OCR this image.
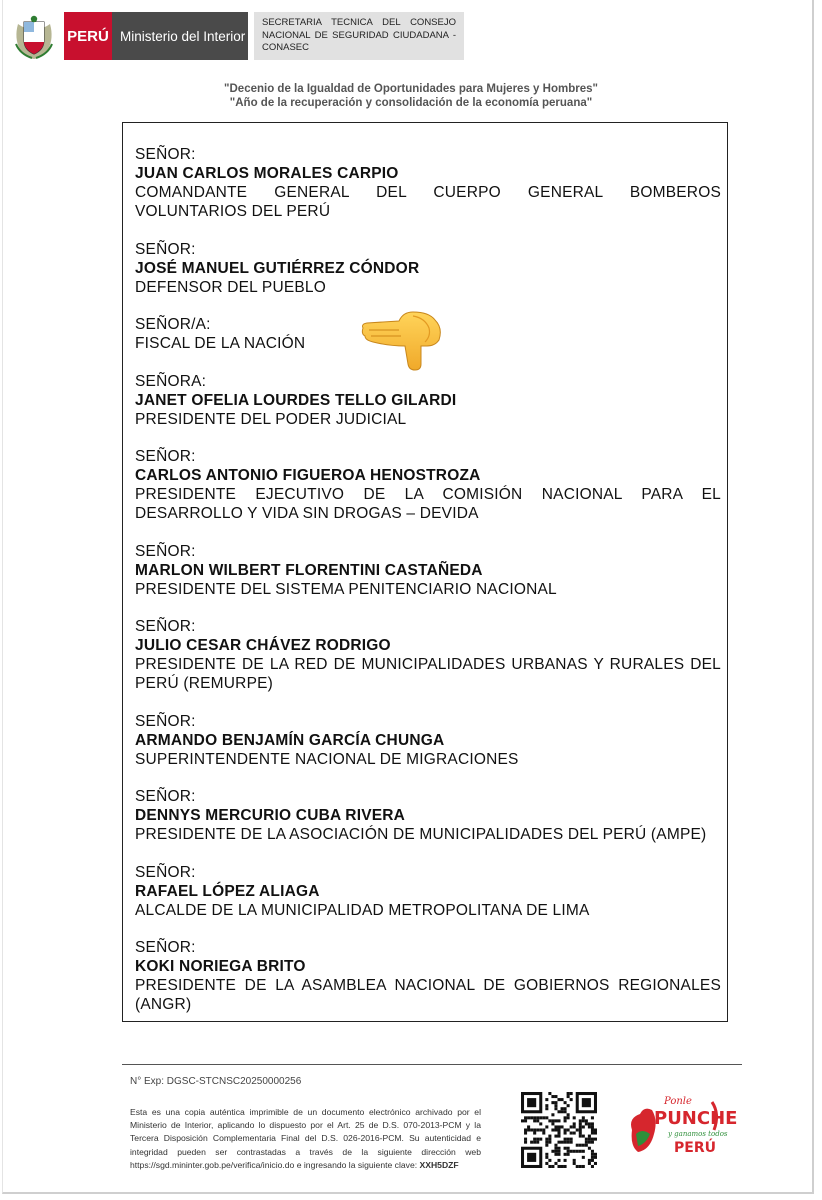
PERÚ Ministerio del Interior
SECRETARIA TECNICA DEL CONSEJO NACIONAL DE SEGURIDAD CIUDADANA - CONASEC
"Decenio de la Igualdad de Oportunidades para Mujeres y Hombres"
"Año de la recuperación y consolidación de la economía peruana"
SEÑOR:
JUAN CARLOS MORALES CARPIO
COMANDANTE GENERAL DEL CUERPO GENERAL BOMBEROS VOLUNTARIOS DEL PERÚ
SEÑOR:
JOSÉ MANUEL GUTIÉRREZ CÓNDOR
DEFENSOR DEL PUEBLO
SEÑOR/A:
FISCAL DE LA NACIÓN
SEÑORA:
JANET OFELIA LOURDES TELLO GILARDI
PRESIDENTE DEL PODER JUDICIAL
SEÑOR:
CARLOS ANTONIO FIGUEROA HENOSTROZA
PRESIDENTE EJECUTIVO DE LA COMISIÓN NACIONAL PARA EL DESARROLLO Y VIDA SIN DROGAS – DEVIDA
SEÑOR:
MARLON WILBERT FLORENTINI CASTAÑEDA
PRESIDENTE DEL SISTEMA PENITENCIARIO NACIONAL
SEÑOR:
JULIO CESAR CHÁVEZ RODRIGO
PRESIDENTE DE LA RED DE MUNICIPALIDADES URBANAS Y RURALES DEL PERÚ (REMURPE)
SEÑOR:
ARMANDO BENJAMÍN GARCÍA CHUNGA
SUPERINTENDENTE NACIONAL DE MIGRACIONES
SEÑOR:
DENNYS MERCURIO CUBA RIVERA
PRESIDENTE DE LA ASOCIACIÓN DE MUNICIPALIDADES DEL PERÚ (AMPE)
SEÑOR:
RAFAEL LÓPEZ ALIAGA
ALCALDE DE LA MUNICIPALIDAD METROPOLITANA DE LIMA
SEÑOR:
KOKI NORIEGA BRITO
PRESIDENTE DE LA ASAMBLEA NACIONAL DE GOBIERNOS REGIONALES (ANGR)
N° Exp: DGSC-STCNSC20250000256
Esta es una copia auténtica imprimible de un documento electrónico archivado por el Ministerio de Interior, aplicando lo dispuesto por el Art. 25 de D.S. 070-2013-PCM y la Tercera Disposición Complementaria Final del D.S. 026-2016-PCM. Su autenticidad e integridad pueden ser contrastadas a través de la siguiente dirección web https://sgd.mininter.gob.pe/verifica/inicio.do e ingresando la siguiente clave: XXH5DZF
Ponle
PUNCHE
y ganamos todos
PERÚ
